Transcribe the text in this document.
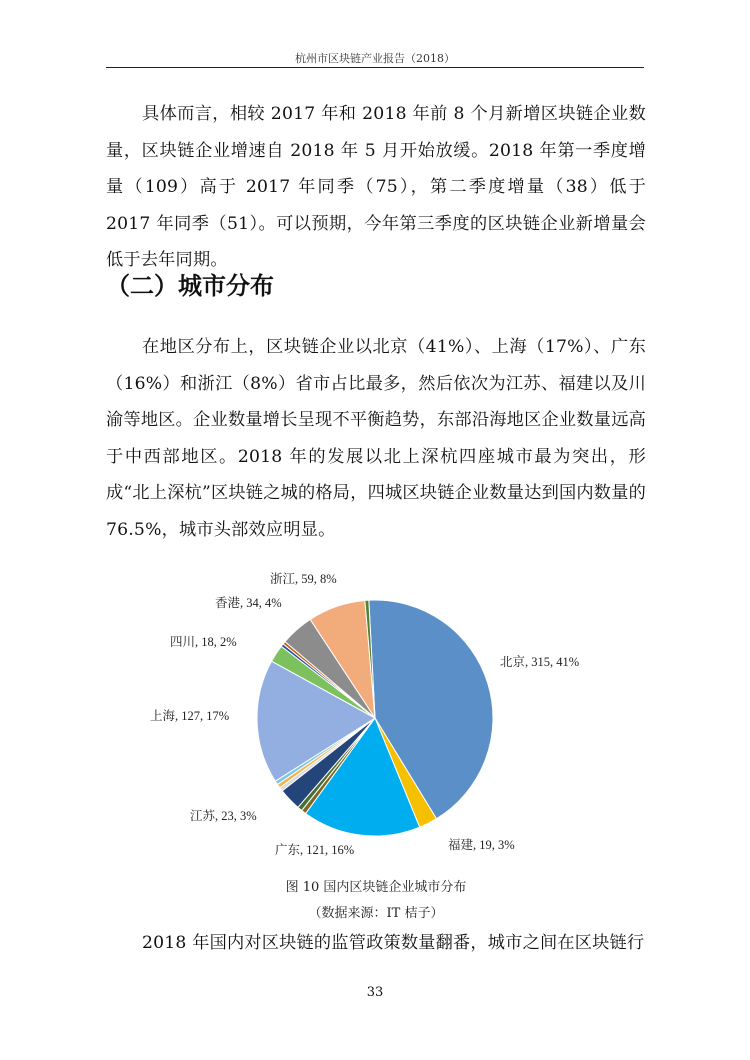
杭州市区块链产业报告（2018）

具体而言，相较 2017 年和 2018 年前 8 个月新增区块链企业数量，区块链企业增速自 2018 年 5 月开始放缓。2018 年第一季度增量（109）高于 2017 年同季（75），第二季度增量（38）低于 2017 年同季（51）。可以预期，今年第三季度的区块链企业新增量会低于去年同期。

（二）城市分布

在地区分布上，区块链企业以北京（41%）、上海（17%）、广东（16%）和浙江（8%）省市占比最多，然后依次为江苏、福建以及川渝等地区。企业数量增长呈现不平衡趋势，东部沿海地区企业数量远高于中西部地区。2018 年的发展以北上深杭四座城市最为突出，形成“北上深杭”区块链之城的格局，四城区块链企业数量达到国内数量的 76.5%，城市头部效应明显。

北京, 315, 41%
福建, 19, 3%
广东, 121, 16%
江苏, 23, 3%
上海, 127, 17%
四川, 18, 2%
香港, 34, 4%
浙江, 59, 8%
图 10 国内区块链企业城市分布
（数据来源：IT 桔子）

2018 年国内对区块链的监管政策数量翻番，城市之间在区块链行

33
